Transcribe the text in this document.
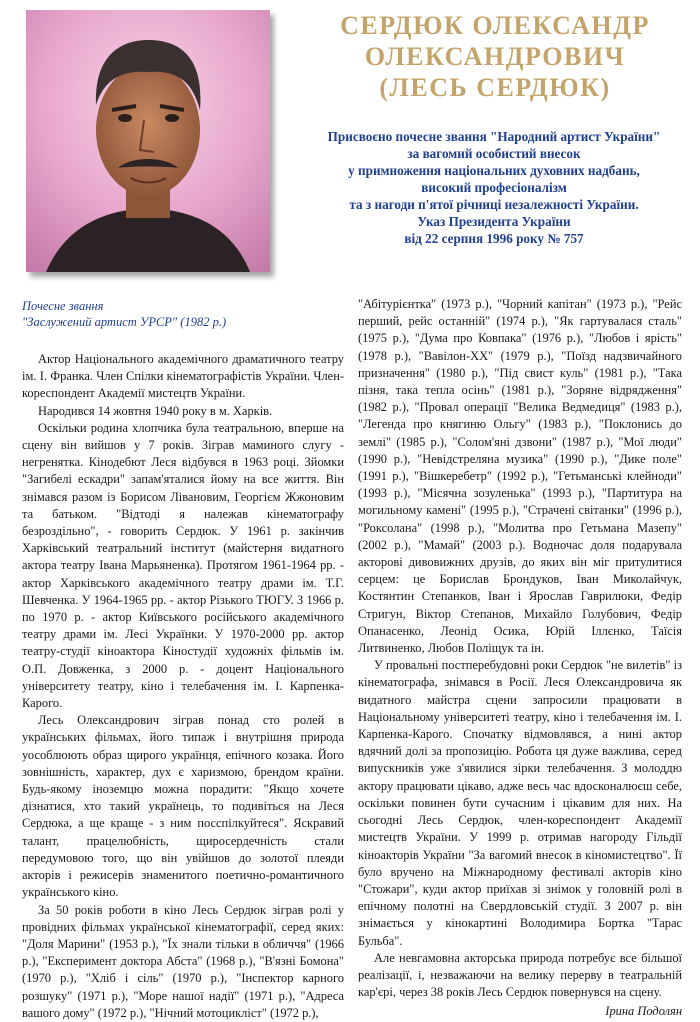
СЕРДЮК ОЛЕКСАНДР
ОЛЕКСАНДРОВИЧ
(ЛЕСЬ СЕРДЮК)
Присвоєно почесне звання "Народний артист України"
за вагомий особистий внесок
у примноження національних духовних надбань,
високий професіоналізм
та з нагоди п'ятої річниці незалежності України.
Указ Президента України
від 22 серпня 1996 року № 757
Почесне звання
"Заслужений артист УРСР" (1982 р.)

Актор Національного академічного драматичного театру ім. І. Франка. Член Спілки кінематографістів України. Член-кореспондент Академії мистецтв України.

Народився 14 жовтня 1940 року в м. Харків.

Оскільки родина хлопчика була театральною, вперше на сцену він вийшов у 7 років. Зіграв маминого слугу - негренятка. Кінодебют Леся відбувся в 1963 році. Зйомки "Загибелі ескадри" запам'яталися йому на все життя. Він знімався разом із Борисом Лівановим, Георгієм Жжоновим та батьком. "Відтоді я належав кінематографу безроздільно", - говорить Сердюк. У 1961 р. закінчив Харківський театральний інститут (майстерня видатного актора театру Івана Марьяненка). Протягом 1961-1964 рр. - актор Харківського академічного театру драми ім. Т.Г. Шевченка. У 1964-1965 рр. - актор Різького ТЮГУ. З 1966 р. по 1970 р. - актор Київського російського академічного театру драми ім. Лесі Українки. У 1970-2000 рр. актор театру-студії кіноактора Кіностудії художніх фільмів ім. О.П. Довженка, з 2000 р. - доцент Національного університету театру, кіно і телебачення ім. І. Карпенка-Карого.

Лесь Олександрович зіграв понад сто ролей в українських фільмах, його типаж і внутрішня природа уособлюють образ щирого українця, епічного козака. Його зовнішність, характер, дух є харизмою, брендом країни. Будь-якому іноземцю можна порадити: "Якщо хочете дізнатися, хто такий українець, то подивіться на Леся Сердюка, а ще краще - з ним посспілкуйтеся". Яскравий талант, працелюбність, щиросердечність стали передумовою того, що він увійшов до золотої плеяди акторів і режисерів знаменитого поетично-романтичного українського кіно.

За 50 років роботи в кіно Лесь Сердюк зіграв ролі у провідних фільмах української кінематографії, серед яких: "Доля Марини" (1953 р.), "Їх знали тільки в обличчя" (1966 р.), "Експеримент доктора Абста" (1968 р.), "В'язні Бомона" (1970 р.), "Хліб і сіль" (1970 р.), "Інспектор карного розшуку" (1971 р.), "Море нашої надії" (1971 р.), "Адреса вашого дому" (1972 р.), "Нічний мотоцикліст" (1972 р.),

"Абітурієнтка" (1973 р.), "Чорний капітан" (1973 р.), "Рейс перший, рейс останній" (1974 р.), "Як гартувалася сталь" (1975 р.), "Дума про Ковпака" (1976 р.), "Любов і ярість" (1978 р.), "Вавілон-XX" (1979 р.), "Поїзд надзвичайного призначення" (1980 р.), "Під свист куль" (1981 р.), "Така пізня, така тепла осінь" (1981 р.), "Зоряне відрядження" (1982 р.), "Провал операції "Велика Ведмедиця" (1983 р.), "Легенда про княгиню Ольгу" (1983 р.), "Поклонись до землі" (1985 р.), "Солом'яні дзвони" (1987 р.), "Мої люди" (1990 р.), "Невідстреляна музика" (1990 р.), "Дике поле" (1991 р.), "Вішкеребетр" (1992 р.), "Гетьманські клейноди" (1993 р.), "Місячна зозуленька" (1993 р.), "Партитура на могильному камені" (1995 р.), "Страчені світанки" (1996 р.), "Роксолана" (1998 р.), "Молитва про Гетьмана Мазепу" (2002 р.), "Мамай" (2003 р.). Водночас доля подарувала акторові дивовижних друзів, до яких він міг притулитися серцем: це Борислав Брондуков, Іван Миколайчук, Костянтин Степанков, Іван і Ярослав Гаврилюки, Федір Стригун, Віктор Степанов, Михайло Голубович, Федір Опанасенко, Леонід Осика, Юрій Іллєнко, Таїсія Литвиненко, Любов Поліщук та ін.

У провальні постперебудовні роки Сердюк "не вилетів" із кінематографа, знімався в Росії. Леся Олександровича як видатного майстра сцени запросили працювати в Національному університеті театру, кіно і телебачення ім. І. Карпенка-Карого. Спочатку відмовлявся, а нині актор вдячний долі за пропозицію. Робота ця дуже важлива, серед випускників уже з'явилися зірки телебачення. З молоддю актору працювати цікаво, адже весь час вдосконалюєш себе, оскільки повинен бути сучасним і цікавим для них. На сьогодні Лесь Сердюк, член-кореспондент Академії мистецтв України. У 1999 р. отримав нагороду Гільдії кіноакторів України "За вагомий внесок в кіномистецтво". Її було вручено на Міжнародному фестивалі акторів кіно "Стожари", куди актор приїхав зі знімок у головній ролі в епічному полотні на Свердловській студії. З 2007 р. він знімається у кінокартині Володимира Бортка "Тарас Бульба".

Але невгамовна акторська природа потребує все більшої реалізації, і, незважаючи на велику перерву в театральній кар'єрі, через 38 років Лесь Сердюк повернувся на сцену.

Ірина Подолян
